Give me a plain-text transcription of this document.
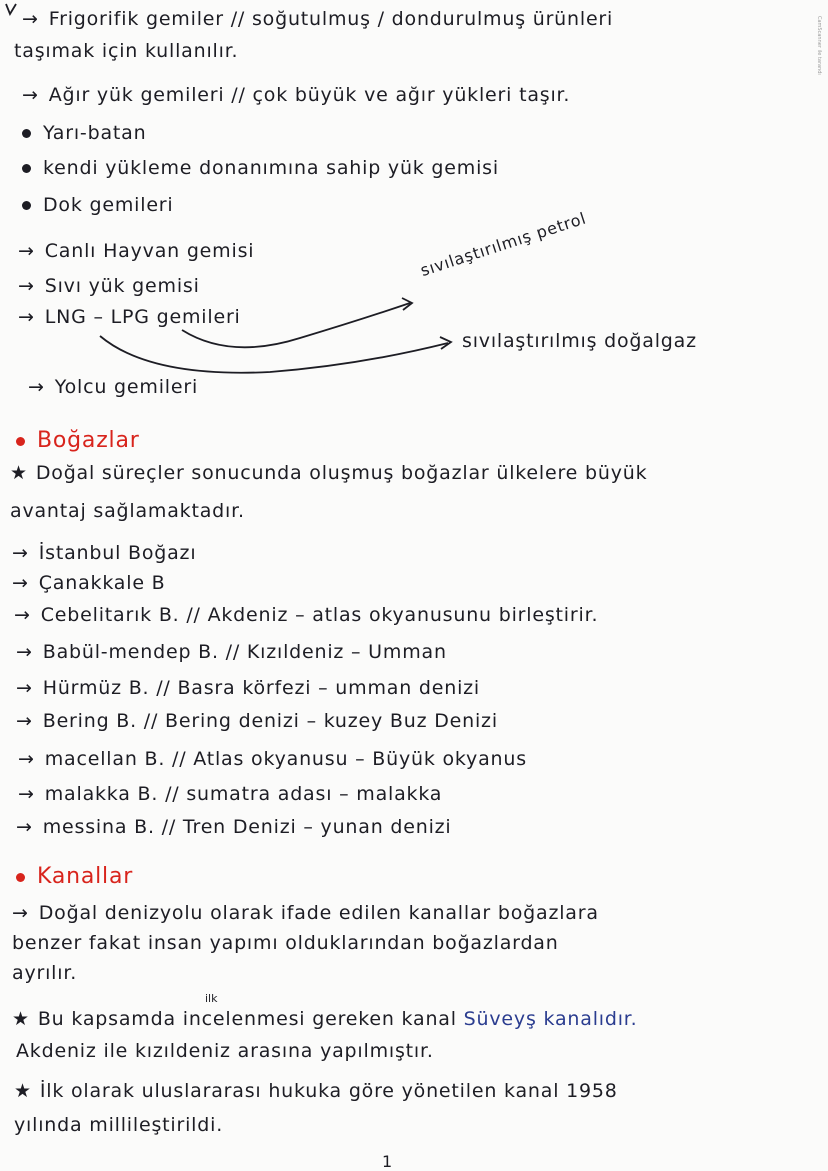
CamScanner ile tarandı
→ Frigorifik gemiler // soğutulmuş / dondurulmuş ürünleri
taşımak için kullanılır.
→ Ağır yük gemileri // çok büyük ve ağır yükleri taşır.
Yarı-batan
kendi yükleme donanımına sahip yük gemisi
Dok gemileri
→ Canlı Hayvan gemisi
→ Sıvı yük gemisi
→ LNG – LPG gemileri
sıvılaştırılmış petrol
sıvılaştırılmış doğalgaz
→ Yolcu gemileri
Boğazlar
★ Doğal süreçler sonucunda oluşmuş boğazlar ülkelere büyük
avantaj sağlamaktadır.
→ İstanbul Boğazı
→ Çanakkale B
→ Cebelitarık B. // Akdeniz – atlas okyanusunu birleştirir.
→ Babül-mendep B. // Kızıldeniz – Umman
→ Hürmüz B. // Basra körfezi – umman denizi
→ Bering B. // Bering denizi – kuzey Buz Denizi
→ macellan B. // Atlas okyanusu – Büyük okyanus
→ malakka B. // sumatra adası – malakka
→ messina B. // Tren Denizi – yunan denizi
Kanallar
→ Doğal denizyolu olarak ifade edilen kanallar boğazlara
benzer fakat insan yapımı olduklarından boğazlardan
ayrılır.
ilk
★ Bu kapsamda incelenmesi gereken kanal Süveyş kanalıdır.
Akdeniz ile kızıldeniz arasına yapılmıştır.
★ İlk olarak uluslararası hukuka göre yönetilen kanal 1958
yılında millileştirildi.
1
